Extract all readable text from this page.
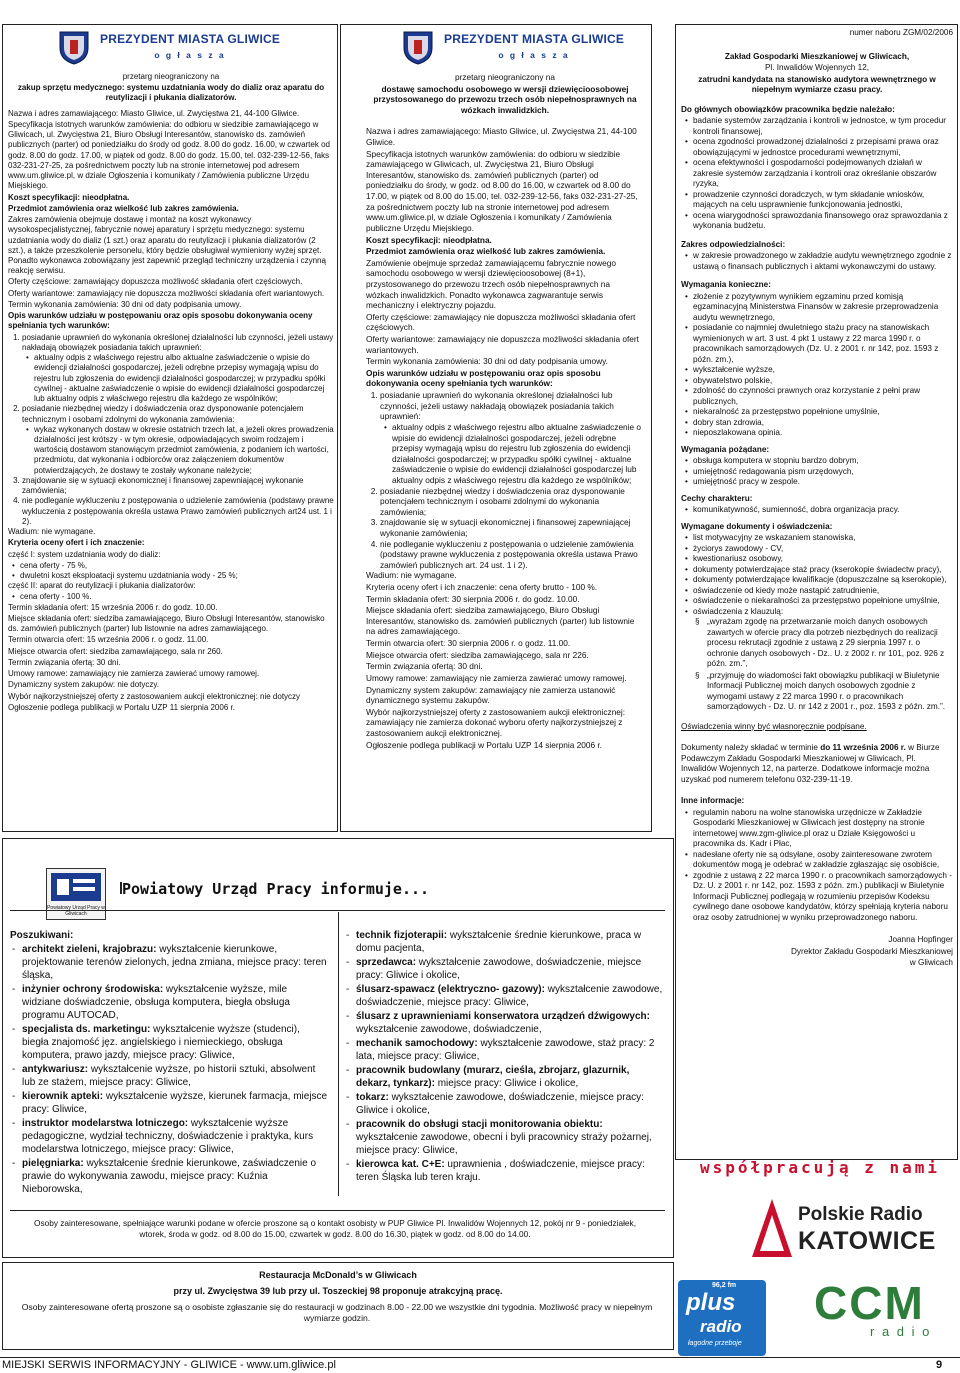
PREZYDENT MIASTA GLIWICE
o g ł a s z a

przetarg nieograniczony na

zakup sprzętu medycznego: systemu uzdatniania wody do dializ oraz aparatu do reutylizacji i płukania dializatorów.

Nazwa i adres zamawiającego: Miasto Gliwice, ul. Zwycięstwa 21, 44-100 Gliwice.

Specyfikacja istotnych warunków zamówienia: do odbioru w siedzibie zamawiającego w Gliwicach, ul. Zwycięstwa 21, Biuro Obsługi Interesantów, stanowisko ds. zamówień publicznych (parter) od poniedziałku do środy od godz. 8.00 do godz. 16.00, w czwartek od godz. 8.00 do godz. 17.00, w piątek od godz. 8.00 do godz. 15.00, tel. 032-239-12-56, faks 032-231-27-25, za pośrednictwem poczty lub na stronie internetowej pod adresem www.um.gliwice.pl, w dziale Ogłoszenia i komunikaty / Zamówienia publiczne Urzędu Miejskiego.

Koszt specyfikacji: nieodpłatna.

Przedmiot zamówienia oraz wielkość lub zakres zamówienia.

Zakres zamówienia obejmuje dostawę i montaż na koszt wykonawcy wysokospecjalistycznej, fabrycznie nowej aparatury i sprzętu medycznego: systemu uzdatniania wody do dializ (1 szt.) oraz aparatu do reutylizacji i płukania dializatorów (2 szt.), a także przeszkolenie personelu, który będzie obsługiwał wymieniony wyżej sprzęt. Ponadto wykonawca zobowiązany jest zapewnić przegląd techniczny urządzenia i czynną reakcję serwisu.

Oferty częściowe: zamawiający dopuszcza możliwość składania ofert częściowych.

Oferty wariantowe: zamawiający nie dopuszcza możliwości składania ofert wariantowych.

Termin wykonania zamówienia: 30 dni od daty podpisania umowy.

Opis warunków udziału w postępowaniu oraz opis sposobu dokonywania oceny spełniania tych warunków:

1. posiadanie uprawnień do wykonania określonej działalności lub czynności, jeżeli ustawy nakładają obowiązek posiadania takich uprawnień:
• aktualny odpis z właściwego rejestru albo aktualne zaświadczenie o wpisie do ewidencji działalności gospodarczej, jeżeli odrębne przepisy wymagają wpisu do rejestru lub zgłoszenia do ewidencji działalności gospodarczej; w przypadku spółki cywilnej - aktualne zaświadczenie o wpisie do ewidencji działalności gospodarczej lub aktualny odpis z właściwego rejestru dla każdego ze wspólników;
2. posiadanie niezbędnej wiedzy i doświadczenia oraz dysponowanie potencjałem technicznym i osobami zdolnymi do wykonania zamówienia:
• wykaz wykonanych dostaw w okresie ostatnich trzech lat, a jeżeli okres prowadzenia działalności jest krótszy - w tym okresie, odpowiadających swoim rodzajem i wartością dostawom stanowiącym przedmiot zamówienia, z podaniem ich wartości, przedmiotu, dat wykonania i odbiorców oraz załączeniem dokumentów potwierdzających, że dostawy te zostały wykonane należycie;
3. znajdowanie się w sytuacji ekonomicznej i finansowej zapewniającej wykonanie zamówienia;
4. nie podleganie wykluczeniu z postępowania o udzielenie zamówienia (podstawy prawne wykluczenia z postępowania określa ustawa Prawo zamówień publicznych art24 ust. 1 i 2).

Wadium: nie wymagane.

Kryteria oceny ofert i ich znaczenie:

część I: system uzdatniania wody do dializ:

• cena oferty - 75 %,
• dwuletni koszt eksploatacji systemu uzdatniania wody - 25 %;

część II: aparat do reutylizacji i płukania dializatorów:

• cena oferty - 100 %.

Termin składania ofert: 15 września 2006 r. do godz. 10.00.

Miejsce składania ofert: siedziba zamawiającego, Biuro Obsługi Interesantów, stanowisko ds. zamówień publicznych (parter) lub listownie na adres zamawiającego.

Termin otwarcia ofert: 15 września 2006 r. o godz. 11.00.

Miejsce otwarcia ofert: siedziba zamawiającego, sala nr 260.

Termin związania ofertą: 30 dni.

Umowy ramowe: zamawiający nie zamierza zawierać umowy ramowej.

Dynamiczny system zakupów: nie dotyczy.

Wybór najkorzystniejszej oferty z zastosowaniem aukcji elektronicznej: nie dotyczy

Ogłoszenie podlega publikacji w Portalu UZP 11 sierpnia 2006 r.

PREZYDENT MIASTA GLIWICE
o g ł a s z a

przetarg nieograniczony na

dostawę samochodu osobowego w wersji dziewięcioosobowej przystosowanego do przewozu trzech osób niepełnosprawnych na wózkach inwalidzkich.

Nazwa i adres zamawiającego: Miasto Gliwice, ul. Zwycięstwa 21, 44-100 Gliwice.

Specyfikacja istotnych warunków zamówienia: do odbioru w siedzibie zamawiającego w Gliwicach, ul. Zwycięstwa 21, Biuro Obsługi Interesantów, stanowisko ds. zamówień publicznych (parter) od poniedziałku do środy, w godz. od 8.00 do 16.00, w czwartek od 8.00 do 17.00, w piątek od 8.00 do 15.00, tel. 032-239-12-56, faks 032-231-27-25, za pośrednictwem poczty lub na stronie internetowej pod adresem www.um.gliwice.pl, w dziale Ogłoszenia i komunikaty / Zamówienia publiczne Urzędu Miejskiego.

Koszt specyfikacji: nieodpłatna.

Przedmiot zamówienia oraz wielkość lub zakres zamówienia.

Zamówienie obejmuje sprzedaż zamawiającemu fabrycznie nowego samochodu osobowego w wersji dziewięcioosobowej (8+1), przystosowanego do przewozu trzech osób niepełnosprawnych na wózkach inwalidzkich. Ponadto wykonawca zagwarantuje serwis mechaniczny i elektryczny pojazdu.

Oferty częściowe: zamawiający nie dopuszcza możliwości składania ofert częściowych.

Oferty wariantowe: zamawiający nie dopuszcza możliwości składania ofert wariantowych.

Termin wykonania zamówienia: 30 dni od daty podpisania umowy.

Opis warunków udziału w postępowaniu oraz opis sposobu dokonywania oceny spełniania tych warunków:

1. posiadanie uprawnień do wykonania określonej działalności lub czynności, jeżeli ustawy nakładają obowiązek posiadania takich uprawnień:
• aktualny odpis z właściwego rejestru albo aktualne zaświadczenie o wpisie do ewidencji działalności gospodarczej, jeżeli odrębne przepisy wymagają wpisu do rejestru lub zgłoszenia do ewidencji działalności gospodarczej; w przypadku spółki cywilnej - aktualne zaświadczenie o wpisie do ewidencji działalności gospodarczej lub aktualny odpis z właściwego rejestru dla każdego ze wspólników;
2. posiadanie niezbędnej wiedzy i doświadczenia oraz dysponowanie potencjałem technicznym i osobami zdolnymi do wykonania zamówienia;
3. znajdowanie się w sytuacji ekonomicznej i finansowej zapewniającej wykonanie zamówienia;
4. nie podleganie wykluczeniu z postępowania o udzielenie zamówienia (podstawy prawne wykluczenia z postępowania określa ustawa Prawo zamówień publicznych art. 24 ust. 1 i 2).

Wadium: nie wymagane.

Kryteria oceny ofert i ich znaczenie: cena oferty brutto - 100 %.

Termin składania ofert: 30 sierpnia 2006 r. do godz. 10.00.

Miejsce składania ofert: siedziba zamawiającego, Biuro Obsługi Interesantów, stanowisko ds. zamówień publicznych (parter) lub listownie na adres zamawiającego.

Termin otwarcia ofert: 30 sierpnia 2006 r. o godz. 11.00.

Miejsce otwarcia ofert: siedziba zamawiającego, sala nr 226.

Termin związania ofertą: 30 dni.

Umowy ramowe: zamawiający nie zamierza zawierać umowy ramowej.

Dynamiczny system zakupów: zamawiający nie zamierza ustanowić dynamicznego systemu zakupów.

Wybór najkorzystniejszej oferty z zastosowaniem aukcji elektronicznej: zamawiający nie zamierza dokonać wyboru oferty najkorzystniejszej z zastosowaniem aukcji elektronicznej.

Ogłoszenie podlega publikacji w Portalu UZP 14 sierpnia 2006 r.

numer naboru ZGM/02/2006

Zakład Gospodarki Mieszkaniowej w Gliwicach,

Pl. Inwalidów Wojennych 12,

zatrudni kandydata na stanowisko audytora wewnętrznego w niepełnym wymiarze czasu pracy.

Do głównych obowiązków pracownika będzie należało:

• badanie systemów zarządzania i kontroli w jednostce, w tym procedur kontroli finansowej,
• ocena zgodności prowadzonej działalności z przepisami prawa oraz obowiązującymi w jednostce procedurami wewnętrznymi,
• ocena efektywności i gospodarności podejmowanych działań w zakresie systemów zarządzania i kontroli oraz określanie obszarów ryzyka,
• prowadzenie czynności doradczych, w tym składanie wniosków, mających na celu usprawnienie funkcjonowania jednostki,
• ocena wiarygodności sprawozdania finansowego oraz sprawozdania z wykonania budżetu.

Zakres odpowiedzialności:

• w zakresie prowadzonego w zakładzie audytu wewnętrznego zgodnie z ustawą o finansach publicznych i aktami wykonawczymi do ustawy.

Wymagania konieczne:

• złożenie z pozytywnym wynikiem egzaminu przed komisją egzaminacyjną Ministerstwa Finansów w zakresie przeprowadzenia audytu wewnętrznego,
• posiadanie co najmniej dwuletniego stażu pracy na stanowiskach wymienionych w art. 3 ust. 4 pkt 1 ustawy z 22 marca 1990 r. o pracownikach samorządowych (Dz. U. z 2001 r. nr 142, poz. 1593 z późn. zm.),
• wykształcenie wyższe,
• obywatelstwo polskie,
• zdolność do czynności prawnych oraz korzystanie z pełni praw publicznych,
• niekaralność za przestępstwo popełnione umyślnie,
• dobry stan zdrowia,
• nieposzlakowana opinia.

Wymagania pożądane:

• obsługa komputera w stopniu bardzo dobrym,
• umiejętność redagowania pism urzędowych,
• umiejętność pracy w zespole.

Cechy charakteru:

• komunikatywność, sumienność, dobra organizacja pracy.

Wymagane dokumenty i oświadczenia:

• list motywacyjny ze wskazaniem stanowiska,
• życiorys zawodowy - CV,
• kwestionariusz osobowy,
• dokumenty potwierdzające staż pracy (kserokopie świadectw pracy),
• dokumenty potwierdzające kwalifikacje (dopuszczalne są kserokopie),
• oświadczenie od kiedy może nastąpić zatrudnienie,
• oświadczenie o niekaralności za przestępstwo popełnione umyślnie,
• oświadczenia z klauzulą:
§ „wyrażam zgodę na przetwarzanie moich danych osobowych zawartych w ofercie pracy dla potrzeb niezbędnych do realizacji procesu rekrutacji zgodnie z ustawą z 29 sierpnia 1997 r. o ochronie danych osobowych - Dz.. U. z 2002 r. nr 101, poz. 926 z późn. zm.”,
§ „przyjmuję do wiadomości fakt obowiązku publikacji w Biuletynie Informacji Publicznej moich danych osobowych zgodnie z wymogami ustawy z 22 marca 1990 r. o pracownikach samorządowych - Dz. U. nr 142 z 2001 r., poz. 1593 z późn. zm.”.

Oświadczenia winny być własnoręcznie podpisane.

Dokumenty należy składać w terminie do 11 września 2006 r. w Biurze Podawczym Zakładu Gospodarki Mieszkaniowej w Gliwicach, Pl. Inwalidów Wojennych 12, na parterze. Dodatkowe informacje można uzyskać pod numerem telefonu 032-239-11-19.

Inne informacje:

• regulamin naboru na wolne stanowiska urzędnicze w Zakładzie Gospodarki Mieszkaniowej w Gliwicach jest dostępny na stronie internetowej www.zgm-gliwice.pl oraz u Działe Księgowości u pracownika ds. Kadr i Płac,
• nadesłane oferty nie są odsyłane, osoby zainteresowane zwrotem dokumentów mogą je odebrać w zakładzie zgłaszając się osobiście,
• zgodnie z ustawą z 22 marca 1990 r. o pracownikach samorządowych - Dz. U. z 2001 r. nr 142, poz. 1593 z późn. zm.) publikacji w Biuletynie Informacji Publicznej podlegają w rozumieniu przepisów Kodeksu cywilnego dane osobowe kandydatów, którzy spełniają kryteria naboru oraz osoby zatrudnionej w wyniku przeprowadzonego naboru.

Joanna Hopfinger

Dyrektor Zakładu Gospodarki Mieszkaniowej

w Gliwicach

Powiatowy Urząd Pracy w Gliwicach
Powiatowy Urząd Pracy informuje...

Poszukiwani:

- architekt zieleni, krajobrazu: wykształcenie kierunkowe, projektowanie terenów zielonych, jedna zmiana, miejsce pracy: teren śląska,
- inżynier ochrony środowiska: wykształcenie wyższe, mile widziane doświadczenie, obsługa komputera, biegła obsługa programu AUTOCAD,
- specjalista ds. marketingu: wykształcenie wyższe (studenci), biegła znajomość jęz. angielskiego i niemieckiego, obsługa komputera, prawo jazdy, miejsce pracy: Gliwice,
- antykwariusz: wykształcenie wyższe, po historii sztuki, absolwent lub ze stażem, miejsce pracy: Gliwice,
- kierownik apteki: wykształcenie wyższe, kierunek farmacja, miejsce pracy: Gliwice,
- instruktor modelarstwa lotniczego: wykształcenie wyższe pedagogiczne, wydział techniczny, doświadczenie i praktyka, kurs modelarstwa lotniczego, miejsce pracy: Gliwice,
- pielęgniarka: wykształcenie średnie kierunkowe, zaświadczenie o prawie do wykonywania zawodu, miejsce pracy: Kuźnia Nieborowska,
- technik fizjoterapii: wykształcenie średnie kierunkowe, praca w domu pacjenta,
- sprzedawca: wykształcenie zawodowe, doświadczenie, miejsce pracy: Gliwice i okolice,
- ślusarz-spawacz (elektryczno- gazowy): wykształcenie zawodowe, doświadczenie, miejsce pracy: Gliwice,
- ślusarz z uprawnieniami konserwatora urządzeń dźwigowych: wykształcenie zawodowe, doświadczenie,
- mechanik samochodowy: wykształcenie zawodowe, staż pracy: 2 lata, miejsce pracy: Gliwice,
- pracownik budowlany (murarz, cieśla, zbrojarz, glazurnik, dekarz, tynkarz): miejsce pracy: Gliwice i okolice,
- tokarz: wykształcenie zawodowe, doświadczenie, miejsce pracy: Gliwice i okolice,
- pracownik do obsługi stacji monitorowania obiektu: wykształcenie zawodowe, obecni i byli pracownicy straży pożarnej, miejsce pracy: Gliwice,
- kierowca kat. C+E: uprawnienia , doświadczenie, miejsce pracy: teren Śląska lub teren kraju.
Osoby zainteresowane, spełniające warunki podane w ofercie proszone są o kontakt osobisty w PUP Gliwice Pl. Inwalidów Wojennych 12, pokój nr 9 - poniedziałek, wtorek, środa w godz. od 8.00 do 15.00, czwartek w godz. 8.00 do 16.30, piątek w godz. od 8.00 do 14.00.
Restauracja McDonald’s w Gliwicach
przy ul. Zwycięstwa 39 lub przy ul. Toszeckiej 98 proponuje atrakcyjną pracę.
Osoby zainteresowane ofertą proszone są o osobiste zgłaszanie się do restauracji w godzinach 8.00 - 22.00 we wszystkie dni tygodnia. Możliwość pracy w niepełnym wymiarze godzin.
współpracują z nami
Polskie Radio
KATOWICE
96,2 fm
plus
radio
łagodne przeboje
CCM
r a d i o
MIEJSKI SERWIS INFORMACYJNY - GLIWICE - www.um.gliwice.pl	9
